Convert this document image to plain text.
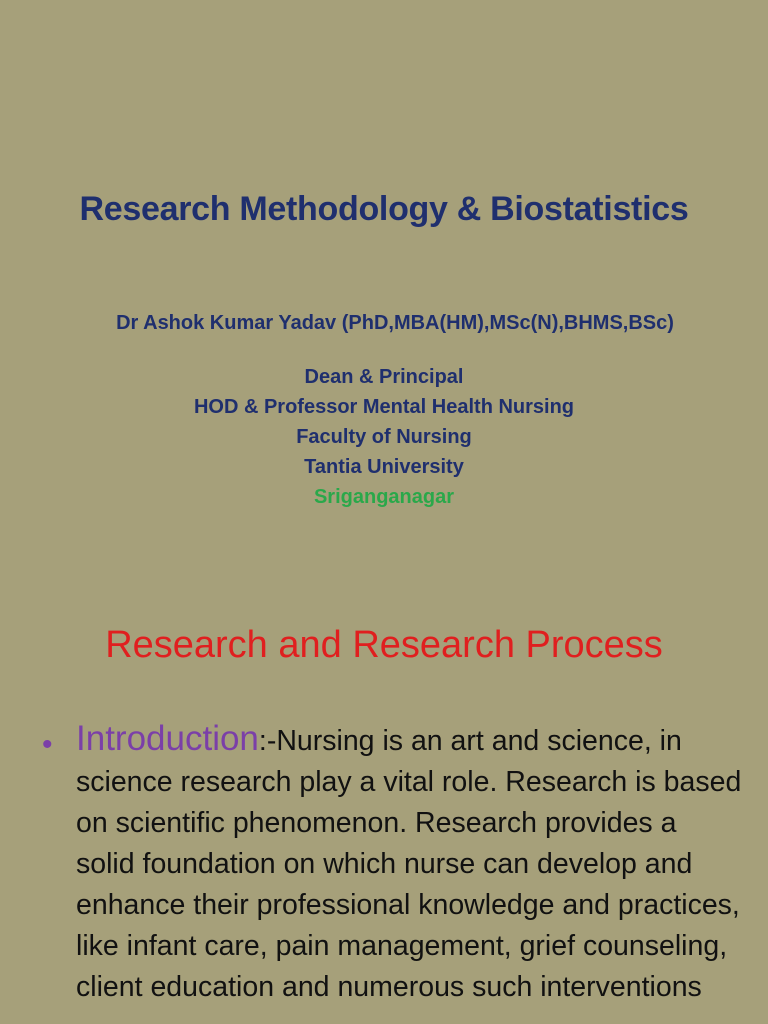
Research Methodology & Biostatistics
Dr Ashok Kumar Yadav (PhD,MBA(HM),MSc(N),BHMS,BSc)
Dean & Principal
HOD & Professor Mental Health Nursing
Faculty of Nursing
Tantia University
Sriganganagar
Research and Research Process
• Introduction:-Nursing is an art and science, in science research play a vital role. Research is based on scientific phenomenon. Research provides a solid foundation on which nurse can develop and enhance their professional knowledge and practices, like infant care, pain management, grief counseling, client education and numerous such interventions
